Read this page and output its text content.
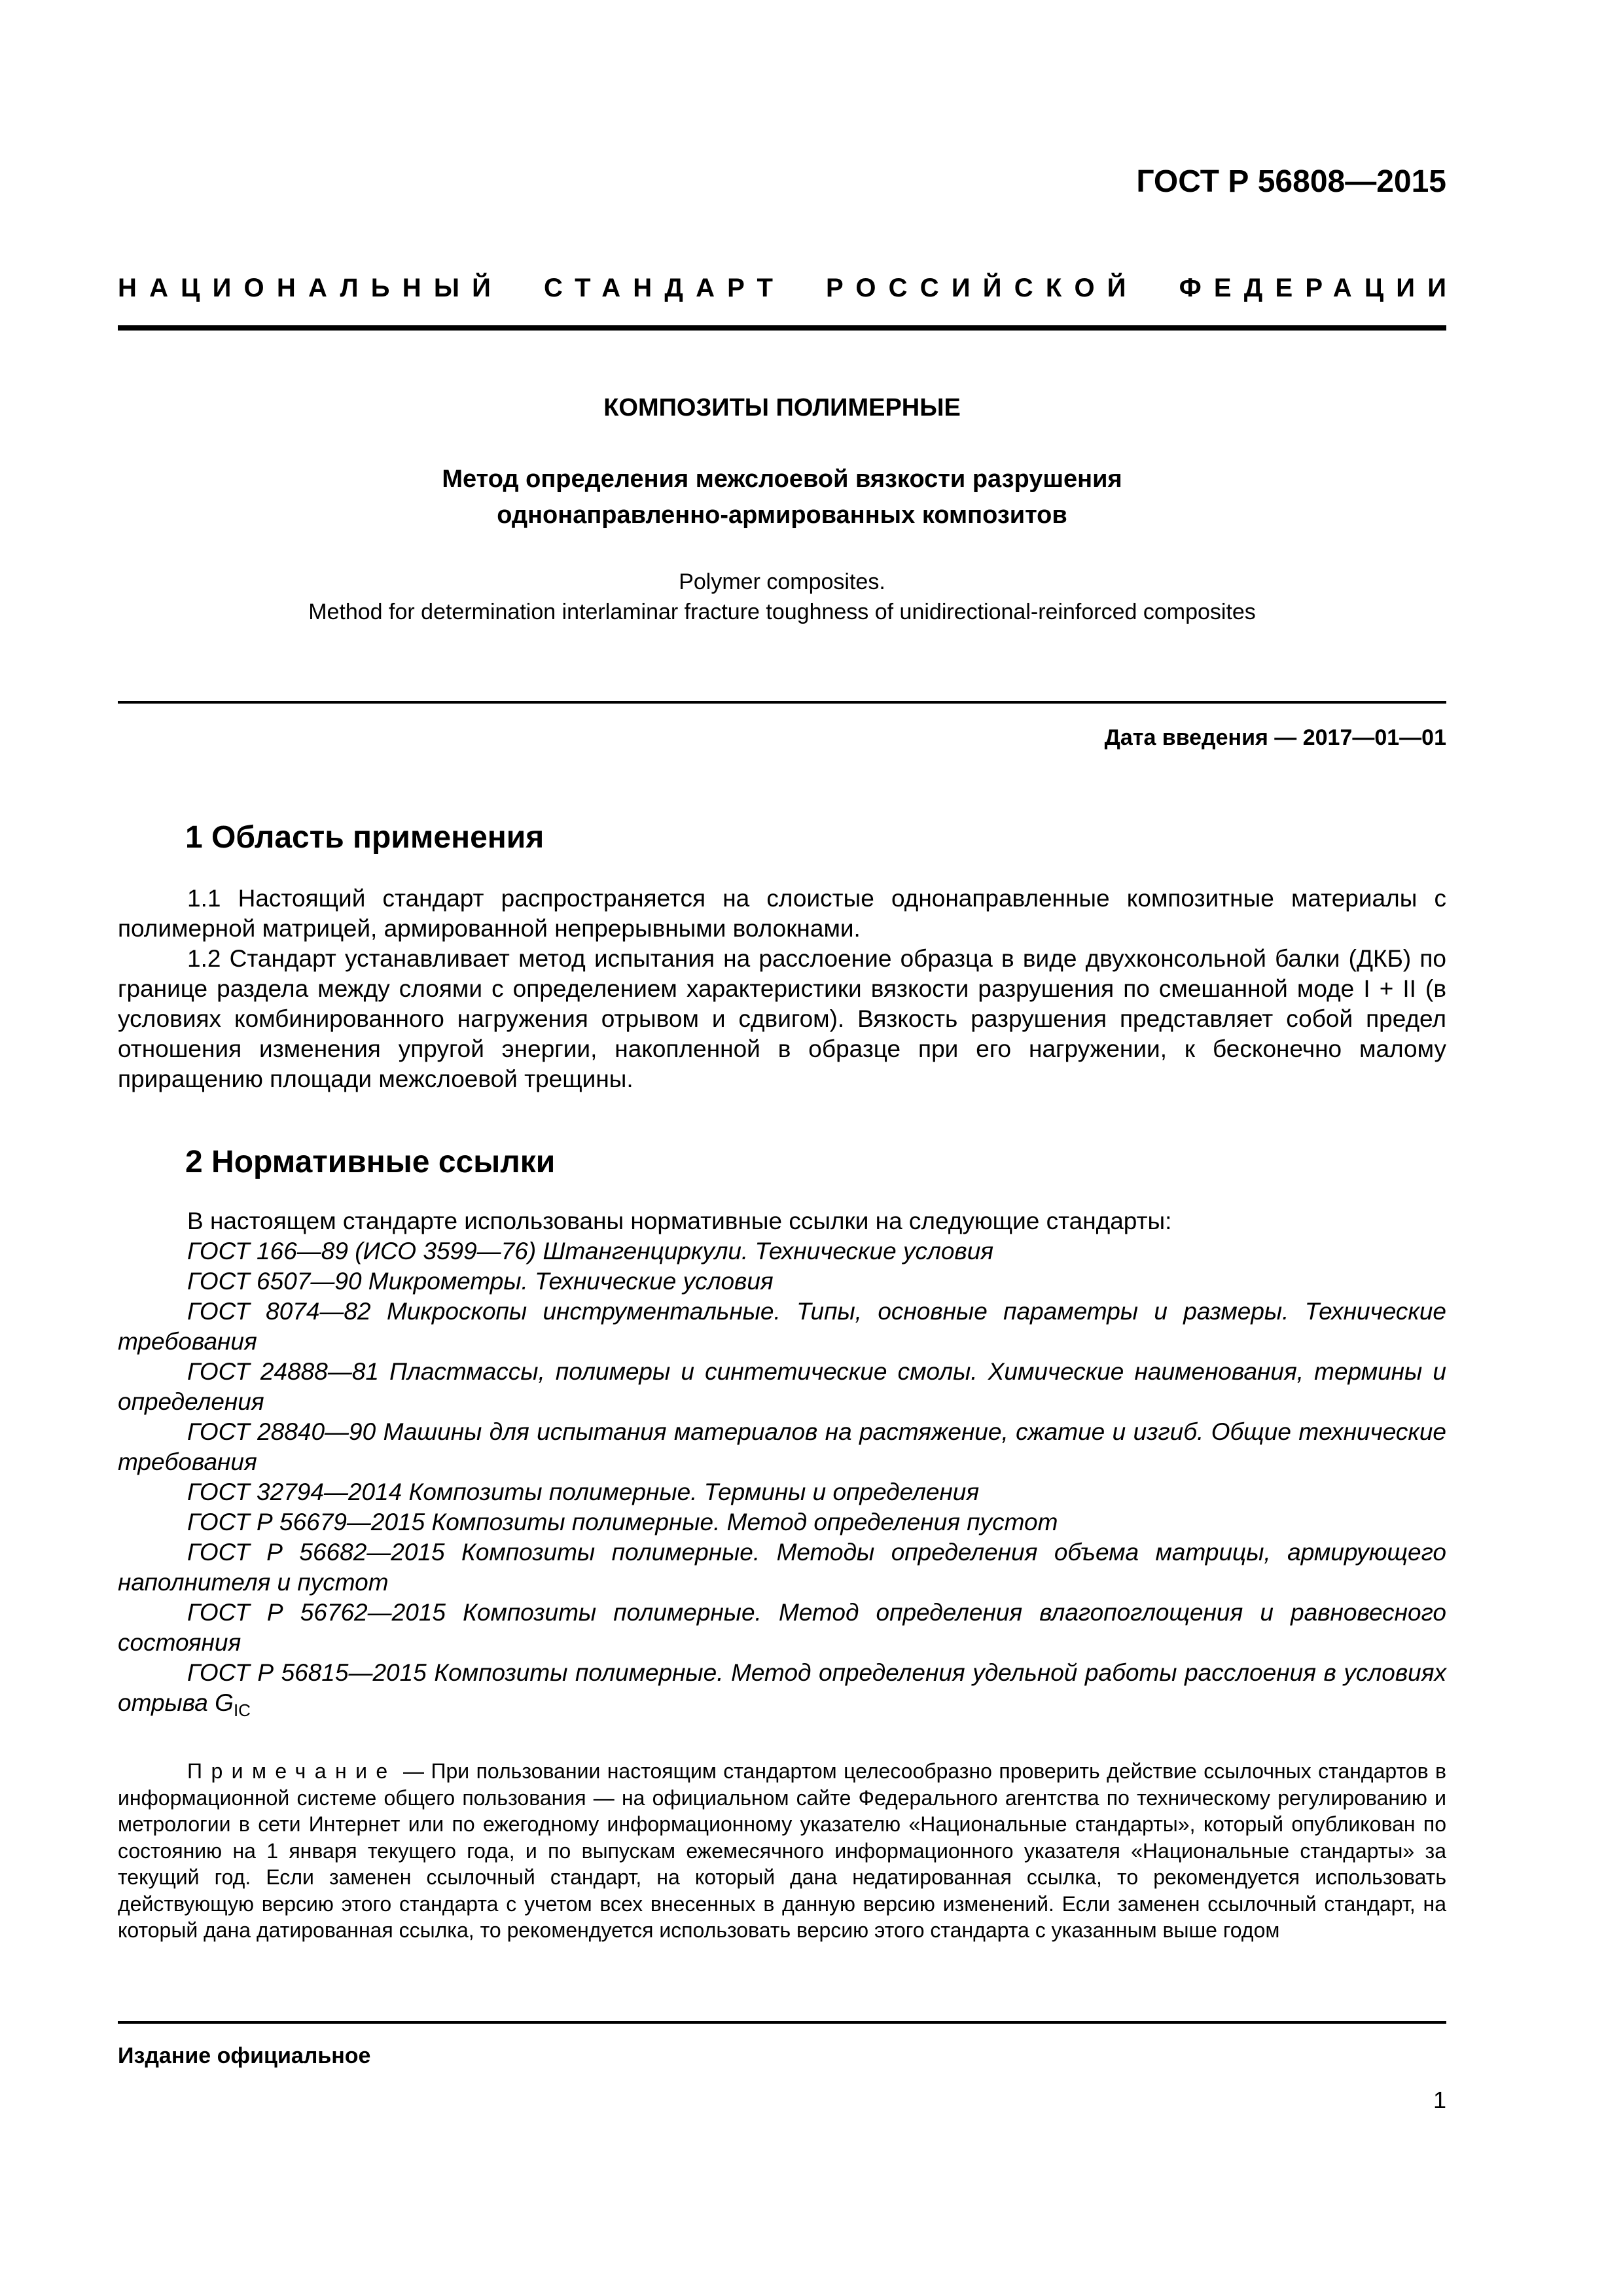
ГОСТ Р 56808—2015
НАЦИОНАЛЬНЫЙ СТАНДАРТ РОССИЙСКОЙ ФЕДЕРАЦИИ
КОМПОЗИТЫ ПОЛИМЕРНЫЕ
Метод определения межслоевой вязкости разрушения
однонаправленно-армированных композитов
Polymer composites.
Method for determination interlaminar fracture toughness of unidirectional-reinforced composites
Дата введения — 2017—01—01
1 Область применения

1.1 Настоящий стандарт распространяется на слоистые однонаправленные композитные материалы с полимерной матрицей, армированной непрерывными волокнами.

1.2 Стандарт устанавливает метод испытания на расслоение образца в виде двухконсольной балки (ДКБ) по границе раздела между слоями с определением характеристики вязкости разрушения по смешанной моде I + II (в условиях комбинированного нагружения отрывом и сдвигом). Вязкость разрушения представляет собой предел отношения изменения упругой энергии, накопленной в образце при его нагружении, к бесконечно малому приращению площади межслоевой трещины.

2 Нормативные ссылки

В настоящем стандарте использованы нормативные ссылки на следующие стандарты:

ГОСТ 166—89 (ИСО 3599—76) Штангенциркули. Технические условия

ГОСТ 6507—90 Микрометры. Технические условия

ГОСТ 8074—82 Микроскопы инструментальные. Типы, основные параметры и размеры. Технические требования

ГОСТ 24888—81 Пластмассы, полимеры и синтетические смолы. Химические наименования, термины и определения

ГОСТ 28840—90 Машины для испытания материалов на растяжение, сжатие и изгиб. Общие технические требования

ГОСТ 32794—2014 Композиты полимерные. Термины и определения

ГОСТ Р 56679—2015 Композиты полимерные. Метод определения пустот

ГОСТ Р 56682—2015 Композиты полимерные. Методы определения объема матрицы, армирующего наполнителя и пустот

ГОСТ Р 56762—2015 Композиты полимерные. Метод определения влагопоглощения и равновесного состояния

ГОСТ Р 56815—2015 Композиты полимерные. Метод определения удельной работы расслоения в условиях отрыва $G_{IC}$

Примечание — При пользовании настоящим стандартом целесообразно проверить действие ссылочных стандартов в информационной системе общего пользования — на официальном сайте Федерального агентства по техническому регулированию и метрологии в сети Интернет или по ежегодному информационному указателю «Национальные стандарты», который опубликован по состоянию на 1 января текущего года, и по выпускам ежемесячного информационного указателя «Национальные стандарты» за текущий год. Если заменен ссылочный стандарт, на который дана недатированная ссылка, то рекомендуется использовать действующую версию этого стандарта с учетом всех внесенных в данную версию изменений. Если заменен ссылочный стандарт, на который дана датированная ссылка, то рекомендуется использовать версию этого стандарта с указанным выше годом

Издание официальное
1
